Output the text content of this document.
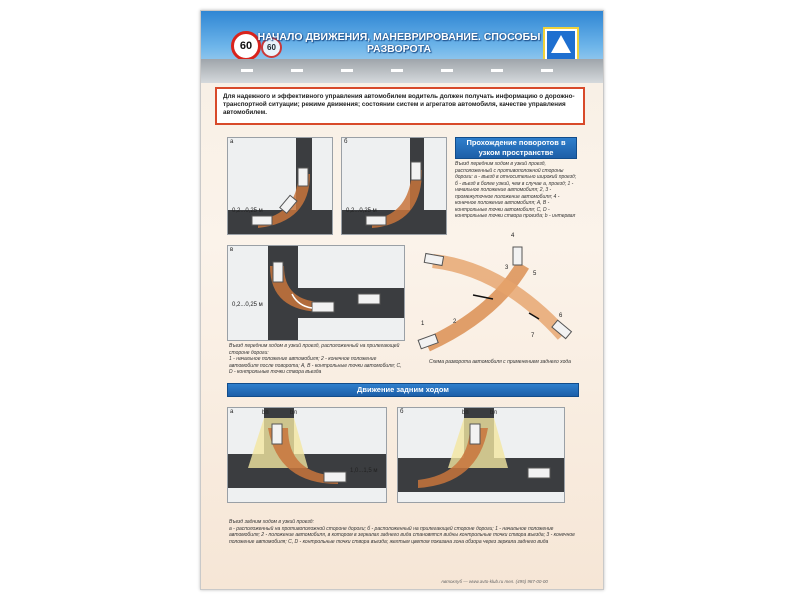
60 60
НАЧАЛО ДВИЖЕНИЯ, МАНЕВРИРОВАНИЕ. СПОСОБЫ РАЗВОРОТА
Для надежного и эффективного управления автомобилем водитель должен получать информацию о дорожно-транспортной ситуации; режиме движения; состоянии систем и агрегатов автомобиля, качестве управления автомобилем.
а
0,2...0,25 м
б
0,2...0,25 м
Прохождение поворотов в узком пространстве
Въезд передним ходом в узкий проезд, расположенный с противоположной стороны дороги: а - въезд в относительно широкий проезд; б - въезд в более узкий, чем в случае а, проезд; 1 - начальное положение автомобиля; 2, 3 - промежуточное положение автомобиля; 4 - конечное положение автомобиля; A, B - контрольные точки автомобиля; C, D - контрольные точки створа проезда; b - интервал
в
0,2...0,25 м

Въезд передним ходом в узкий проезд, расположенный на прилегающей стороне дороги:

1 - начальное положение автомобиля; 2 - конечное положение автомобиля после поворота; A, B - контрольные точки автомобиля; C, D - контрольные точки створа въезда

1	2
3
4
5
6
7
Схема разворота автомобиля с применением заднего хода
Движение задним ходом
а
1,0...1,5 м
bп	bл	б	bп	bл

Въезд задним ходом в узкий проезд:

а - расположенный на противоположной стороне дороги; б - расположенный на прилегающей стороне дороги; 1 - начальное положение автомобиля; 2 - положение автомобиля, в котором в зеркалах заднего вида становятся видны контрольные точки створа въезда; 3 - конечное положение автомобиля; C, D - контрольные точки створа въезда; желтым цветом показана зона обзора через зеркала заднего вида

Автоклуб — www.avto-klub.ru тел. (495) 987-00-00
